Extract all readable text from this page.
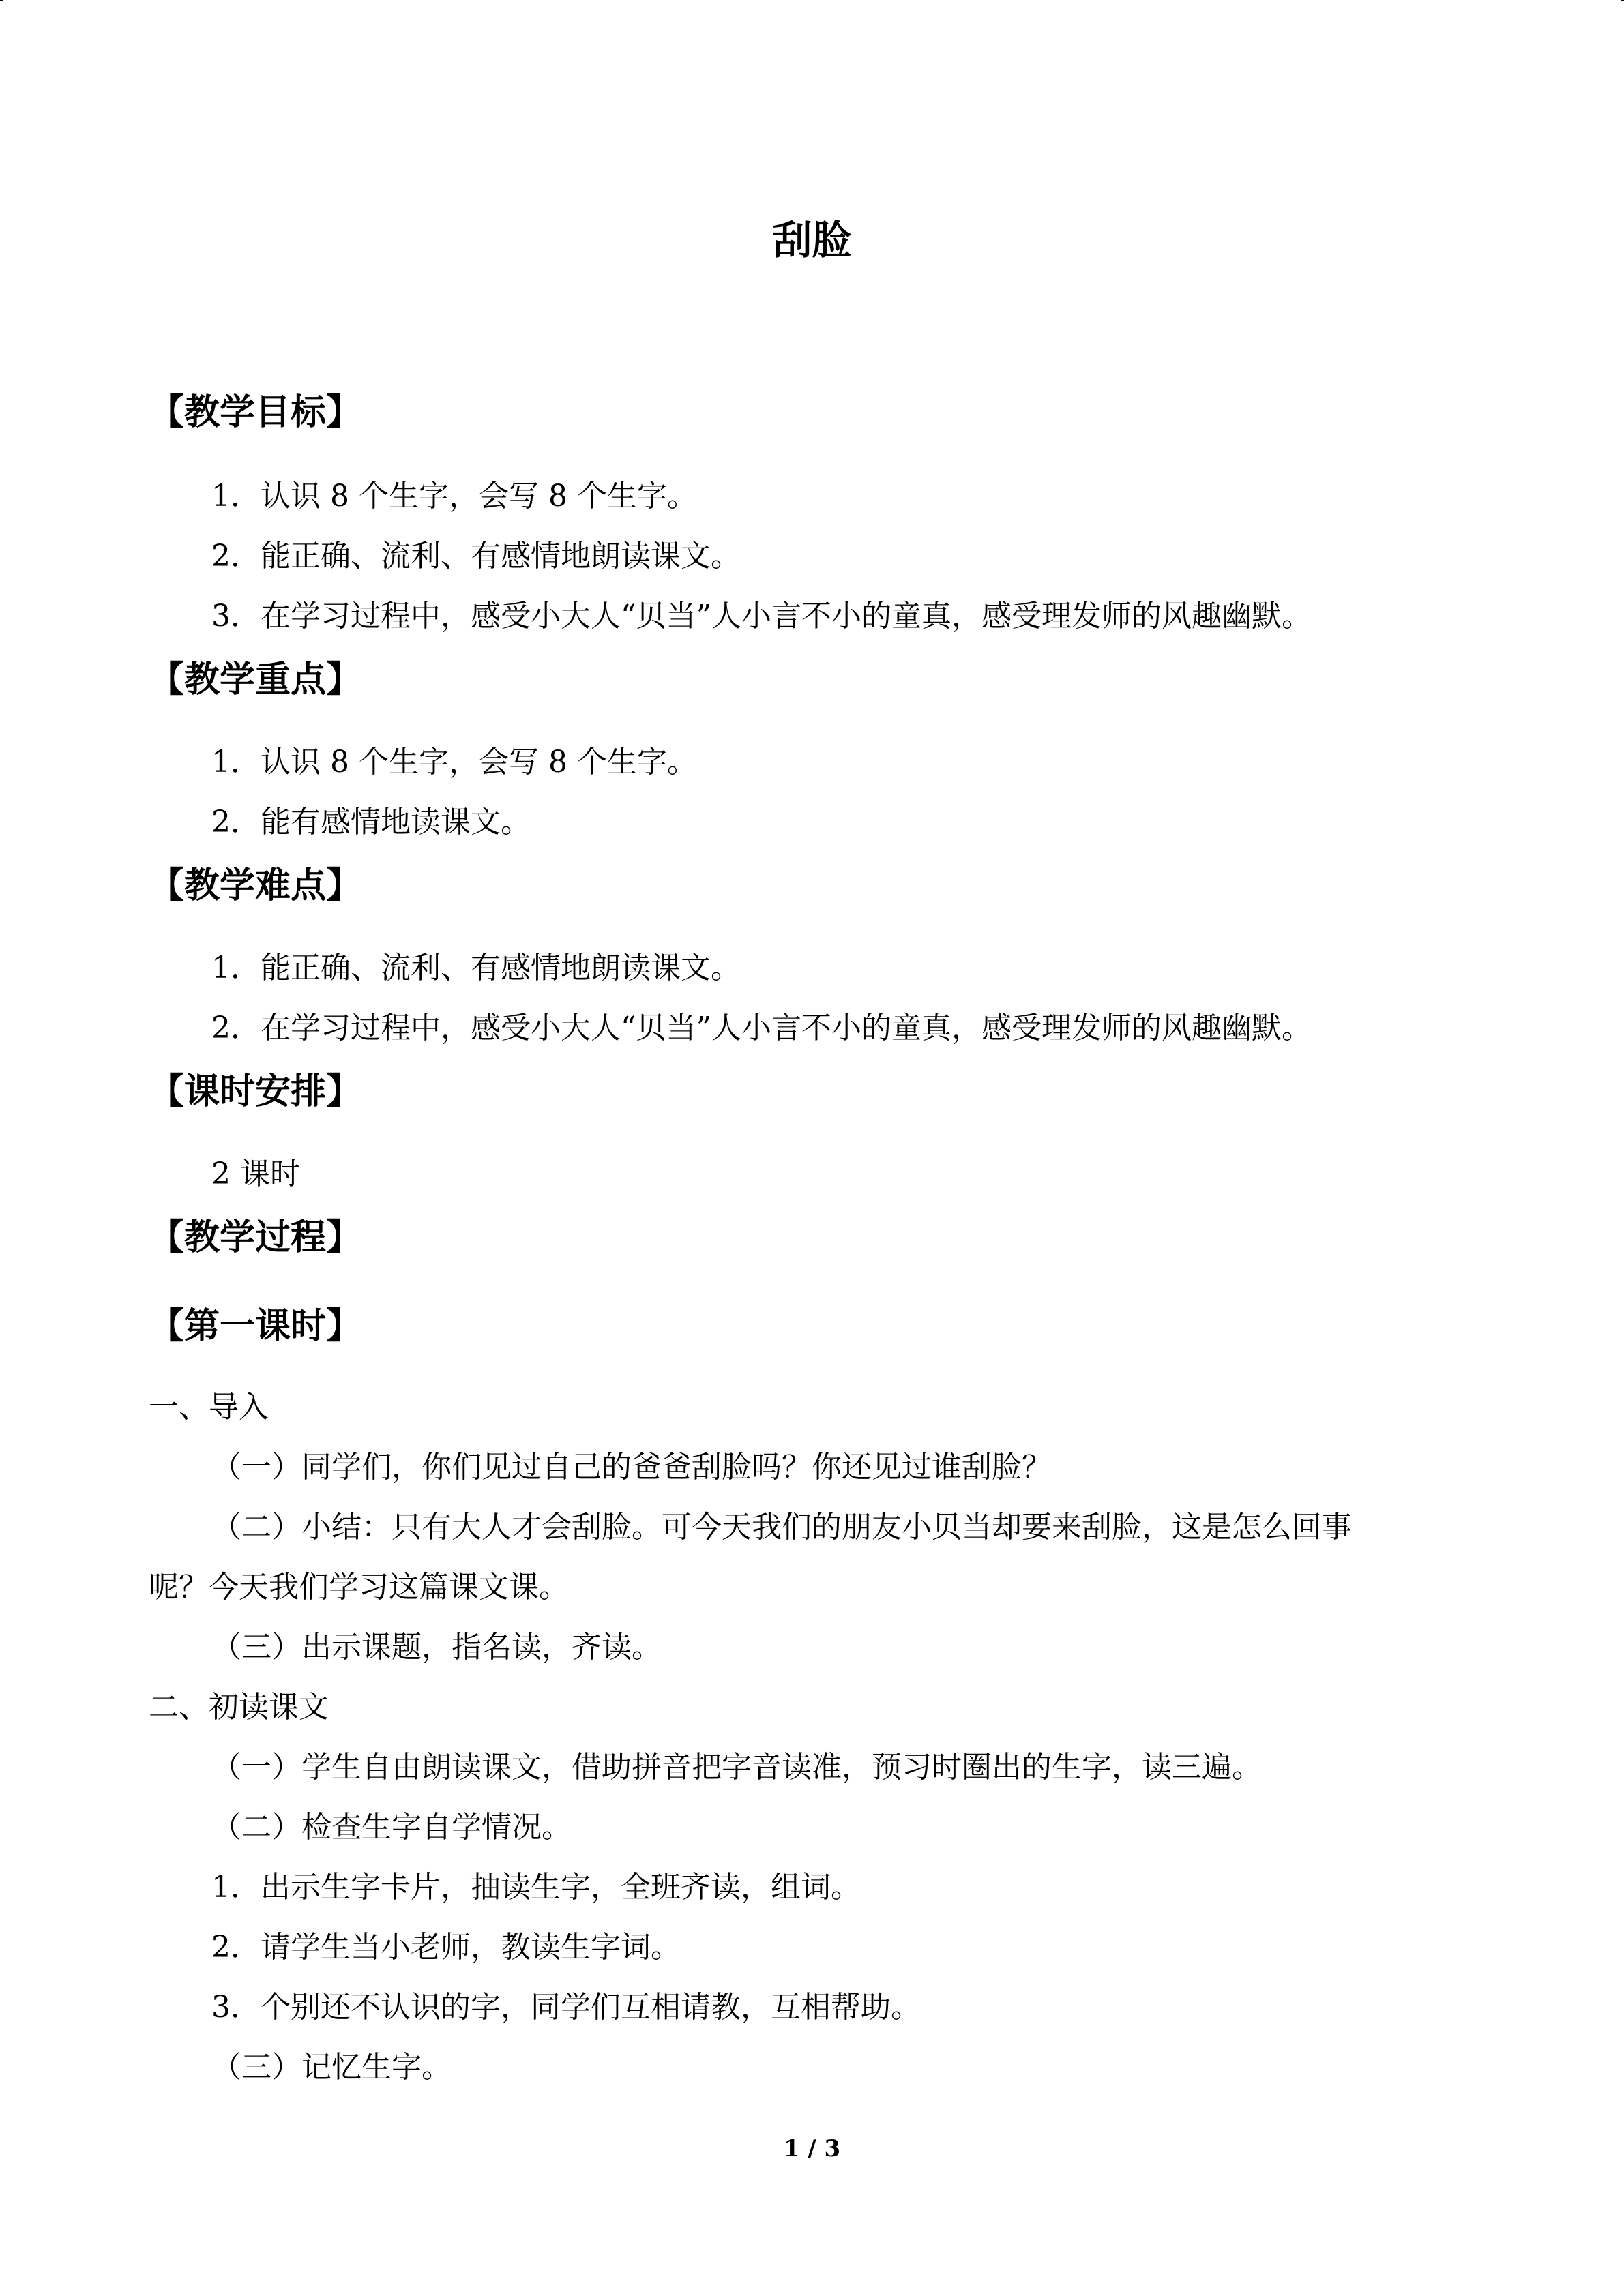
刮脸
【教学目标】
1．认识 8 个生字，会写 8 个生字。
2．能正确、流利、有感情地朗读课文。
3．在学习过程中，感受小大人“贝当”人小言不小的童真，感受理发师的风趣幽默。
【教学重点】
1．认识 8 个生字，会写 8 个生字。
2．能有感情地读课文。
【教学难点】
1．能正确、流利、有感情地朗读课文。
2．在学习过程中，感受小大人“贝当”人小言不小的童真，感受理发师的风趣幽默。
【课时安排】
2 课时
【教学过程】
【第一课时】
一、导入
（一）同学们，你们见过自己的爸爸刮脸吗？你还见过谁刮脸？
（二）小结：只有大人才会刮脸。可今天我们的朋友小贝当却要来刮脸，这是怎么回事
呢？今天我们学习这篇课文课。
（三）出示课题，指名读，齐读。
二、初读课文
（一）学生自由朗读课文，借助拼音把字音读准，预习时圈出的生字，读三遍。
（二）检查生字自学情况。
1．出示生字卡片，抽读生字，全班齐读，组词。
2．请学生当小老师，教读生字词。
3．个别还不认识的字，同学们互相请教，互相帮助。
（三）记忆生字。
1 / 3
